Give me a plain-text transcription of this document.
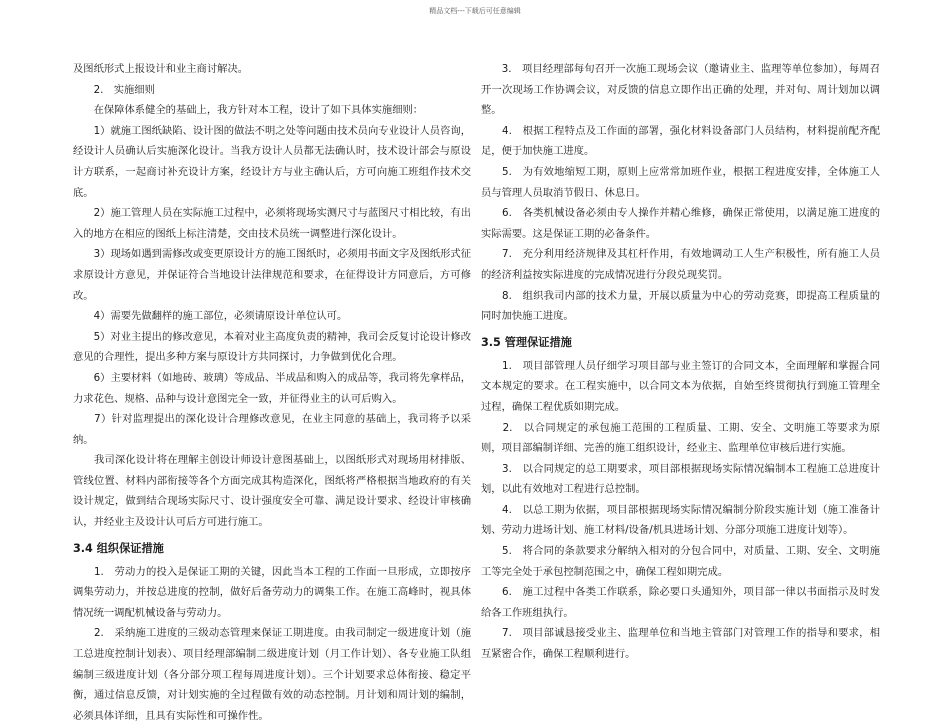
精品文档---下载后可任意编辑

及图纸形式上报设计和业主商讨解决。

　　2.　实施细则

　　在保障体系健全的基础上，我方针对本工程，设计了如下具体实施细则：

　　1）就施工图纸缺陷、设计图的做法不明之处等问题由技术员向专业设计人员咨询，经设计人员确认后实施深化设计。当我方设计人员都无法确认时，技术设计部会与原设计方联系，一起商讨补充设计方案，经设计方与业主确认后，方可向施工班组作技术交底。

　　2）施工管理人员在实际施工过程中，必须将现场实测尺寸与蓝图尺寸相比较，有出入的地方在相应的图纸上标注清楚，交由技术员统一调整进行深化设计。

　　3）现场如遇到需修改或变更原设计方的施工图纸时，必须用书面文字及图纸形式征求原设计方意见，并保证符合当地设计法律规范和要求，在征得设计方同意后，方可修改。

　　4）需要先做翻样的施工部位，必须请原设计单位认可。

　　5）对业主提出的修改意见，本着对业主高度负责的精神，我司会反复讨论设计修改意见的合理性，提出多种方案与原设计方共同探讨，力争做到优化合理。

　　6）主要材料（如地砖、玻璃）等成品、半成品和购入的成品等，我司将先拿样品，力求花色、规格、品种与设计意图完全一致，并征得业主的认可后购入。

　　7）针对监理提出的深化设计合理修改意见，在业主同意的基础上，我司将予以采纳。

　　我司深化设计将在理解主创设计师设计意图基础上，以图纸形式对现场用材排版、管线位置、材料内部衔接等各个方面完成其构造深化，图纸将严格根据当地政府的有关设计规定，做到结合现场实际尺寸、设计强度安全可靠、满足设计要求、经设计审核确认，并经业主及设计认可后方可进行施工。

3.4 组织保证措施

　　1.　劳动力的投入是保证工期的关键，因此当本工程的工作面一旦形成，立即按序调集劳动力，并按总进度的控制，做好后备劳动力的调集工作。在施工高峰时，视具体情况统一调配机械设备与劳动力。

　　2.　采纳施工进度的三级动态管理来保证工期进度。由我司制定一级进度计划（施工总进度控制计划表）、项目经理部编制二级进度计划（月工作计划）、各专业施工队组编制三级进度计划（各分部分项工程每周进度计划）。三个计划要求总体衔接、稳定平衡，通过信息反馈，对计划实施的全过程做有效的动态控制。月计划和周计划的编制，必须具体详细，且具有实际性和可操作性。

　　3.　项目经理部每旬召开一次施工现场会议（邀请业主、监理等单位参加），每周召开一次现场工作协调会议，对反馈的信息立即作出正确的处理，并对旬、周计划加以调整。

　　4.　根据工程特点及工作面的部署，强化材料设备部门人员结构，材料提前配齐配足，便于加快施工进度。

　　5.　为有效地缩短工期，原则上应常常加班作业，根据工程进度安排，全体施工人员与管理人员取消节假日、休息日。

　　6.　各类机械设备必须由专人操作并精心维修，确保正常使用，以满足施工进度的实际需要。这是保证工期的必备条件。

　　7.　充分利用经济规律及其杠杆作用，有效地调动工人生产积极性，所有施工人员的经济利益按实际进度的完成情况进行分段兑现奖罚。

　　8.　组织我司内部的技术力量，开展以质量为中心的劳动竞赛，即提高工程质量的同时加快施工进度。

3.5 管理保证措施

　　1.　项目部管理人员仔细学习项目部与业主签订的合同文本，全面理解和掌握合同文本规定的要求。在工程实施中，以合同文本为依据，自始至终贯彻执行到施工管理全过程，确保工程优质如期完成。

　　2.　以合同规定的承包施工范围的工程质量、工期、安全、文明施工等要求为原则，项目部编制详细、完善的施工组织设计，经业主、监理单位审核后进行实施。

　　3.　以合同规定的总工期要求，项目部根据现场实际情况编制本工程施工总进度计划，以此有效地对工程进行总控制。

　　4.　以总工期为依据，项目部根据现场实际情况编制分阶段实施计划（施工准备计划、劳动力进场计划、施工材料/设备/机具进场计划、分部分项施工进度计划等）。

　　5.　将合同的条款要求分解纳入相对的分包合同中，对质量、工期、安全、文明施工等完全处于承包控制范围之中，确保工程如期完成。

　　6.　施工过程中各类工作联系，除必要口头通知外，项目部一律以书面指示及时发给各工作班组执行。

　　7.　项目部诚恳接受业主、监理单位和当地主管部门对管理工作的指导和要求，相互紧密合作，确保工程顺利进行。
